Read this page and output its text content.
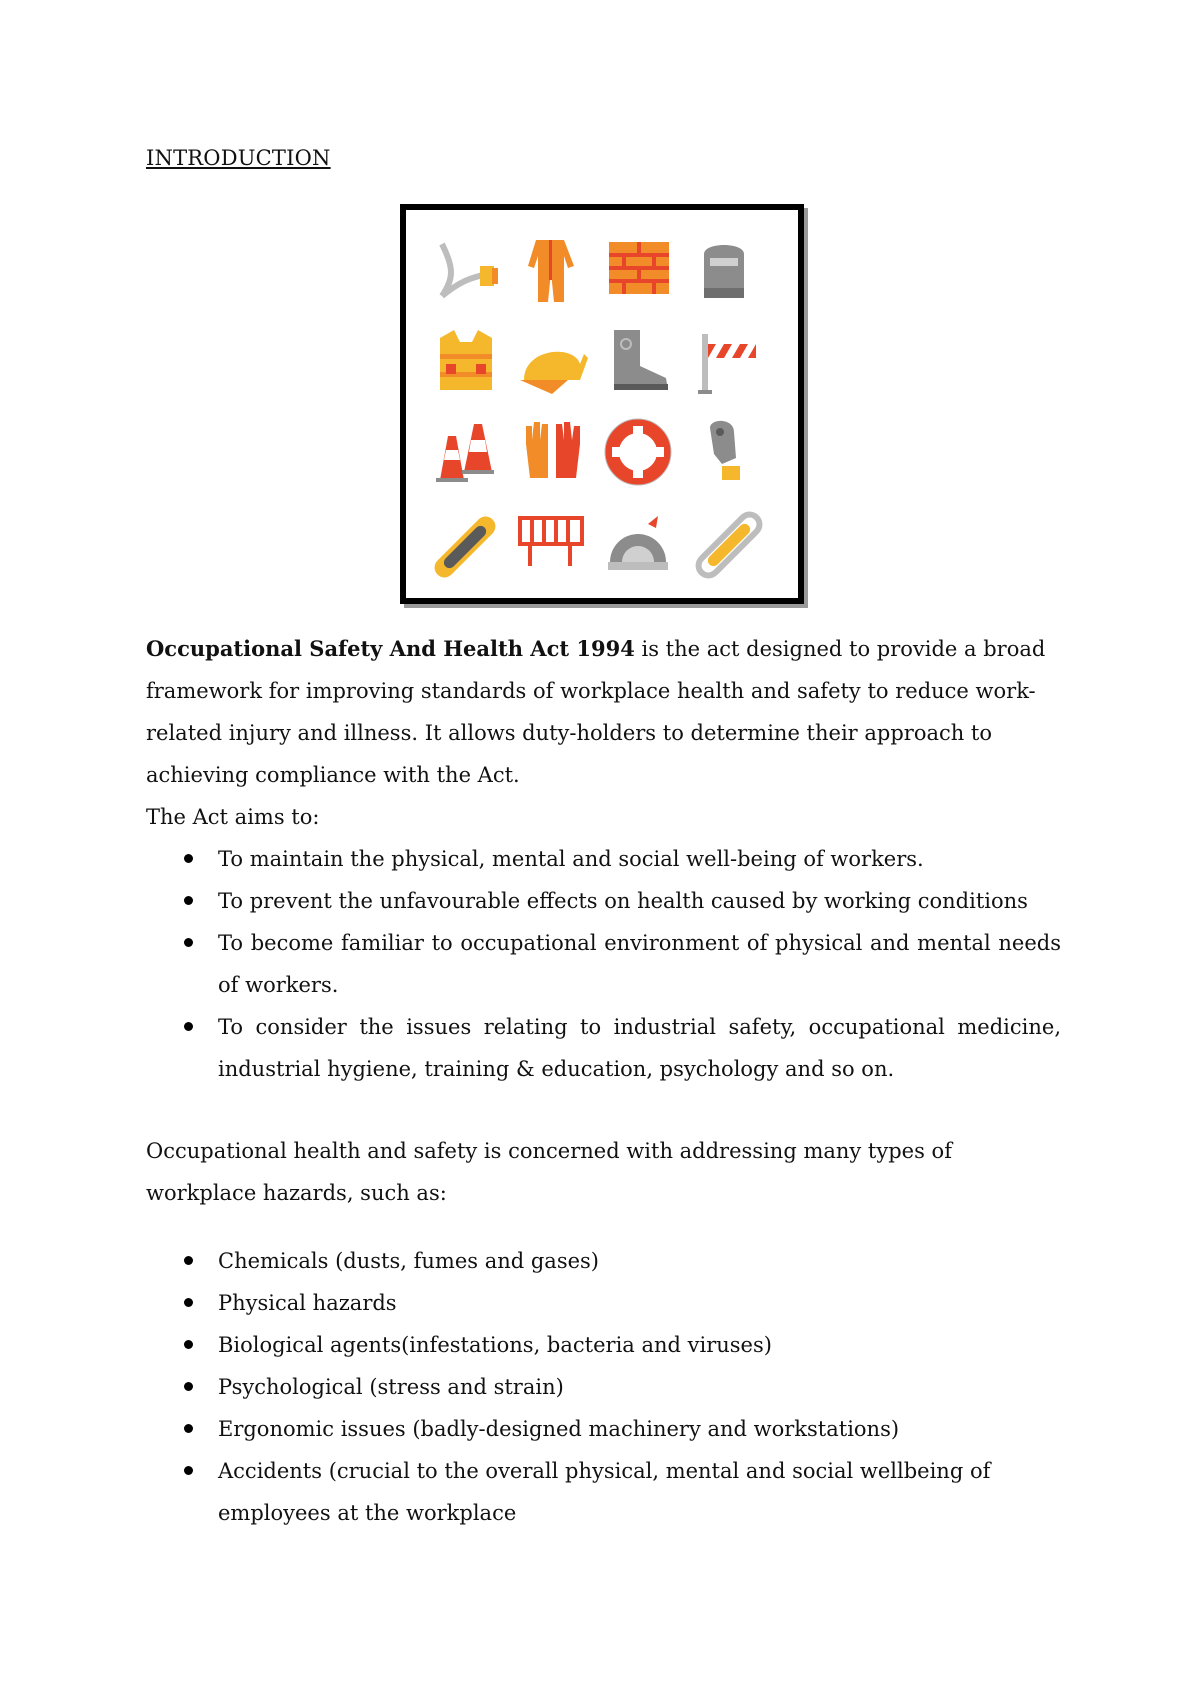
INTRODUCTION

Occupational Safety And Health Act 1994 is the act designed to provide a broad framework for improving standards of workplace health and safety to reduce work-related injury and illness. It allows duty-holders to determine their approach to achieving compliance with the Act.

The Act aims to:

To maintain the physical, mental and social well-being of workers.
To prevent the unfavourable effects on health caused by working conditions
To become familiar to occupational environment of physical and mental needs of workers.
To consider the issues relating to industrial safety, occupational medicine, industrial hygiene, training & education, psychology and so on.

Occupational health and safety is concerned with addressing many types of workplace hazards, such as:

Chemicals (dusts, fumes and gases)
Physical hazards
Biological agents(infestations, bacteria and viruses)
Psychological (stress and strain)
Ergonomic issues (badly-designed machinery and workstations)
Accidents (crucial to the overall physical, mental and social wellbeing of employees at the workplace
